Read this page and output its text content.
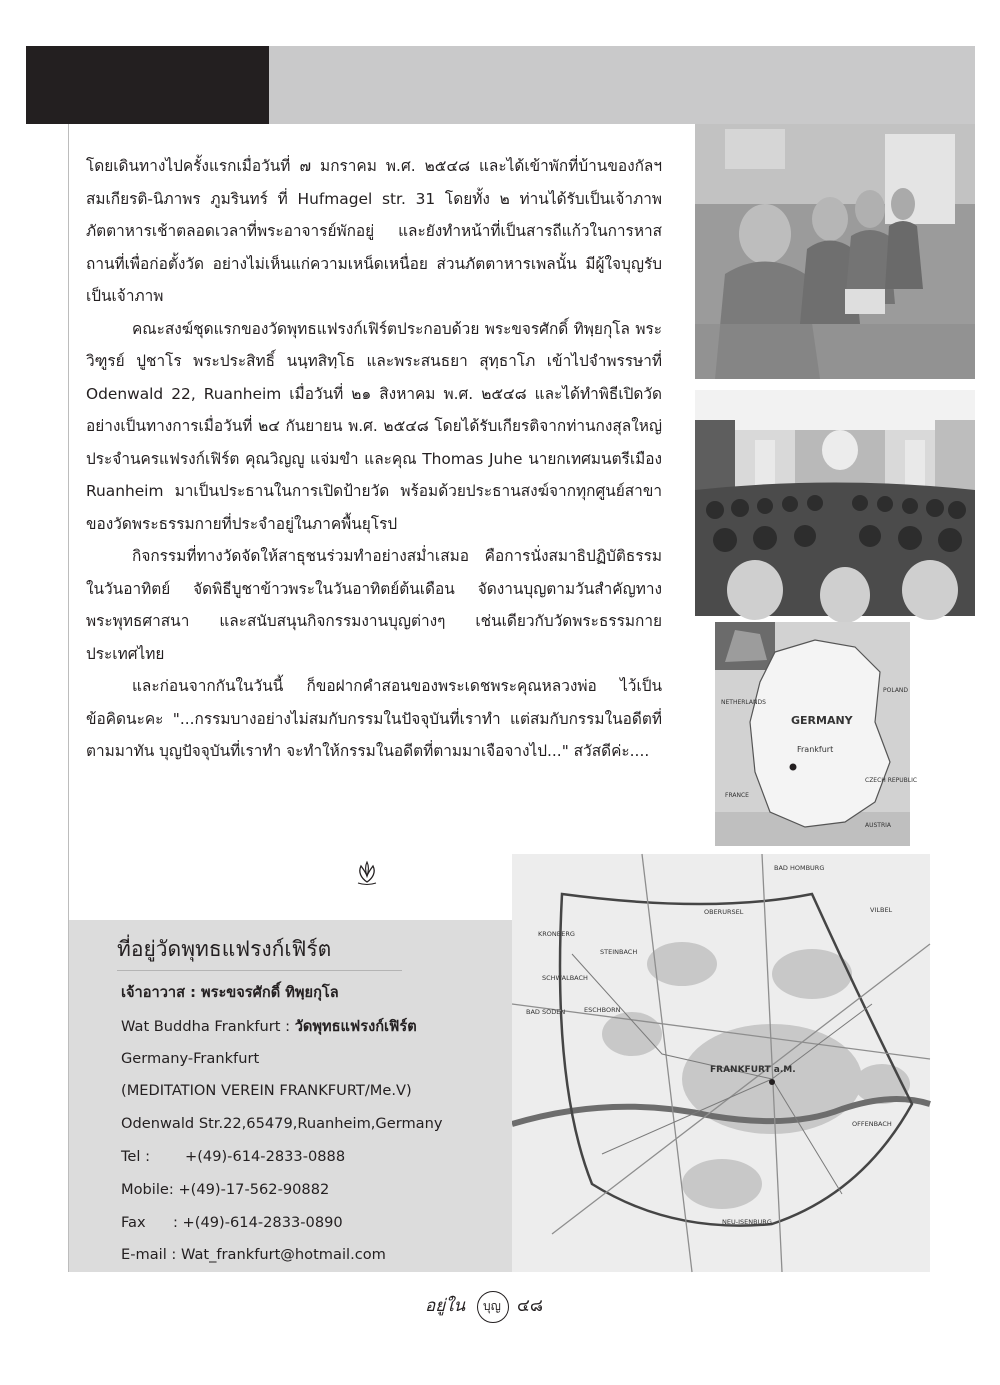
โดยเดินทางไปครั้งแรกเมื่อวันที่ ๗ มกราคม พ.ศ. ๒๕๔๘ และได้เข้าพักที่บ้านของกัลฯ สมเกียรติ-นิภาพร ภูมรินทร์ ที่ Hufmagel str. 31 โดยทั้ง ๒ ท่านได้รับเป็นเจ้าภาพภัตตาหารเช้าตลอดเวลาที่พระอาจารย์พักอยู่ และยังทำหน้าที่เป็นสารถีแก้วในการหาสถานที่เพื่อก่อตั้งวัด อย่างไม่เห็นแก่ความเหน็ดเหนื่อย ส่วนภัตตาหารเพลนั้น มีผู้ใจบุญรับเป็นเจ้าภาพ

คณะสงฆ์ชุดแรกของวัดพุทธแฟรงก์เฟิร์ตประกอบด้วย พระขจรศักดิ์ ทิพฺยกุโล พระวิฑูรย์ ปูชาโร พระประสิทธิ์ นนฺทสิทฺโธ และพระสนธยา สุทฺธาโภ เข้าไปจำพรรษาที่ Odenwald 22, Ruanheim เมื่อวันที่ ๒๑ สิงหาคม พ.ศ. ๒๕๔๘ และได้ทำพิธีเปิดวัดอย่างเป็นทางการเมื่อวันที่ ๒๔ กันยายน พ.ศ. ๒๕๔๘ โดยได้รับเกียรติจากท่านกงสุลใหญ่ประจำนครแฟรงก์เฟิร์ต คุณวิญญู แจ่มขำ และคุณ Thomas Juhe นายกเทศมนตรีเมือง Ruanheim มาเป็นประธานในการเปิดป้ายวัด พร้อมด้วยประธานสงฆ์จากทุกศูนย์สาขาของวัดพระธรรมกายที่ประจำอยู่ในภาคพื้นยุโรป

กิจกรรมที่ทางวัดจัดให้สาธุชนร่วมทำอย่างสม่ำเสมอ คือการนั่งสมาธิปฏิบัติธรรมในวันอาทิตย์ จัดพิธีบูชาข้าวพระในวันอาทิตย์ต้นเดือน จัดงานบุญตามวันสำคัญทางพระพุทธศาสนา และสนับสนุนกิจกรรมงานบุญต่างๆ เช่นเดียวกับวัดพระธรรมกาย ประเทศไทย

และก่อนจากกันในวันนี้ ก็ขอฝากคำสอนของพระเดชพระคุณหลวงพ่อ ไว้เป็นข้อคิดนะคะ "...กรรมบางอย่างไม่สมกับกรรมในปัจจุบันที่เราทำ แต่สมกับกรรมในอดีตที่ตามมาทัน บุญปัจจุบันที่เราทำ จะทำให้กรรมในอดีตที่ตามมาเจือจางไป..." สวัสดีค่ะ....

GERMANY
Frankfurt
NETHERLANDS
POLAND
CZECH REPUBLIC
FRANCE
AUSTRIA
FRANKFURT a.M.
BAD HOMBURG
OBERURSEL
KRONBERG
STEINBACH
SCHWALBACH
BAD SODEN	ESCHBORN
OFFENBACH
NEU-ISENBURG
VILBEL
ที่อยู่วัดพุทธแฟรงก์เฟิร์ต
เจ้าอาวาส : พระขจรศักดิ์ ทิพฺยกุโล
Wat Buddha Frankfurt : วัดพุทธแฟรงก์เฟิร์ต
Germany-Frankfurt
(MEDITATION VEREIN FRANKFURT/Me.V)
Odenwald Str.22,65479,Ruanheim,Germany
Tel : +(49)-614-2833-0888
Mobile: +(49)-17-562-90882
Fax : +(49)-614-2833-0890
E-mail : Wat_frankfurt@hotmail.com
อยู่ใน บุญ ๔๘
